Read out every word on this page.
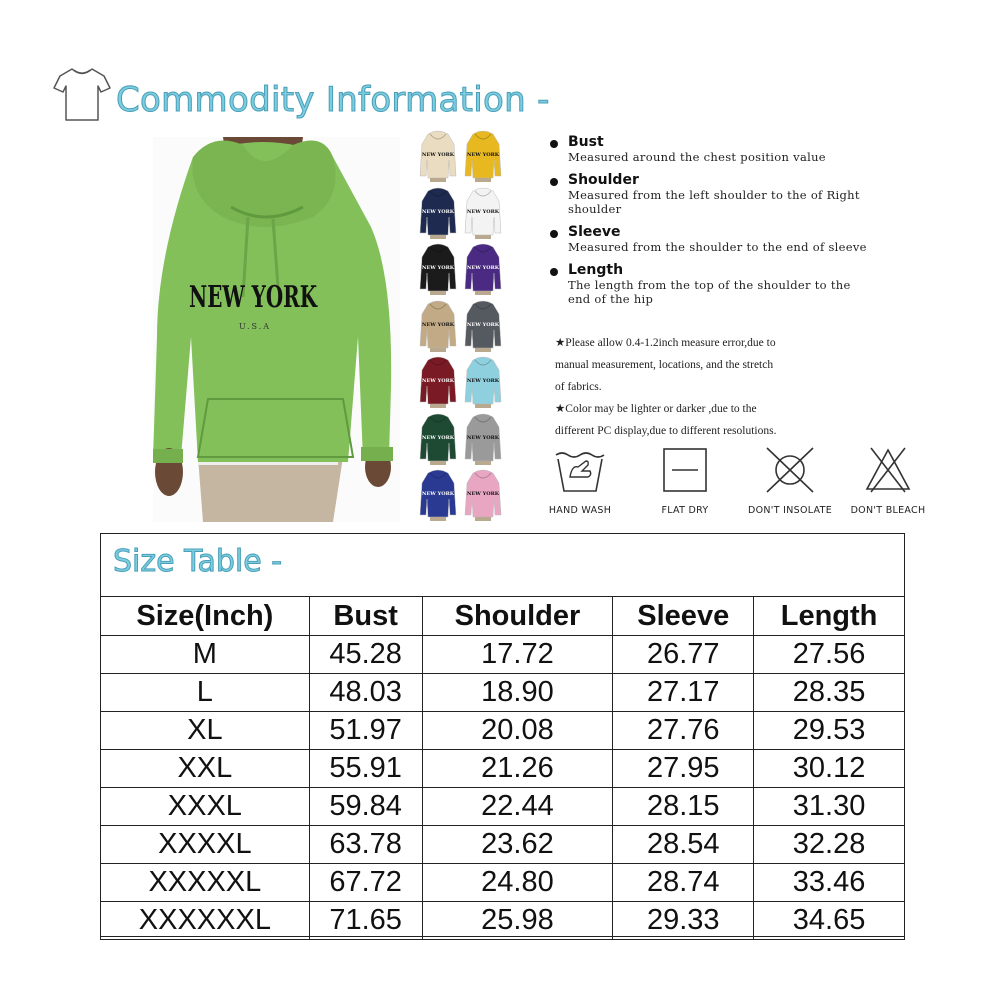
Commodity Information -
NEW YORK
U.S.A
NEW YORK	NEW YORK
NEW YORK	NEW YORK
NEW YORK	NEW YORK
NEW YORK	NEW YORK
NEW YORK	NEW YORK
NEW YORK	NEW YORK
NEW YORK	NEW YORK
Bust
Measured around the chest position value
Shoulder
Measured from the left shoulder to the of Right shoulder
Sleeve
Measured from the shoulder to the end of sleeve
Length
The length from the top of the shoulder to the end of the hip
★Please allow 0.4-1.2inch measure error,due to
manual measurement, locations, and the stretch
of fabrics.
★Color may be lighter or darker ,due to the
different PC display,due to different resolutions.
HAND WASH	FLAT DRY	DON'T INSOLATE	DON'T BLEACH
Size Table -
Size(Inch)	Bust	Shoulder	Sleeve	Length
M	45.28	17.72	26.77	27.56
L	48.03	18.90	27.17	28.35
XL	51.97	20.08	27.76	29.53
XXL	55.91	21.26	27.95	30.12
XXXL	59.84	22.44	28.15	31.30
XXXXL	63.78	23.62	28.54	32.28
XXXXXL	67.72	24.80	28.74	33.46
XXXXXXL	71.65	25.98	29.33	34.65
